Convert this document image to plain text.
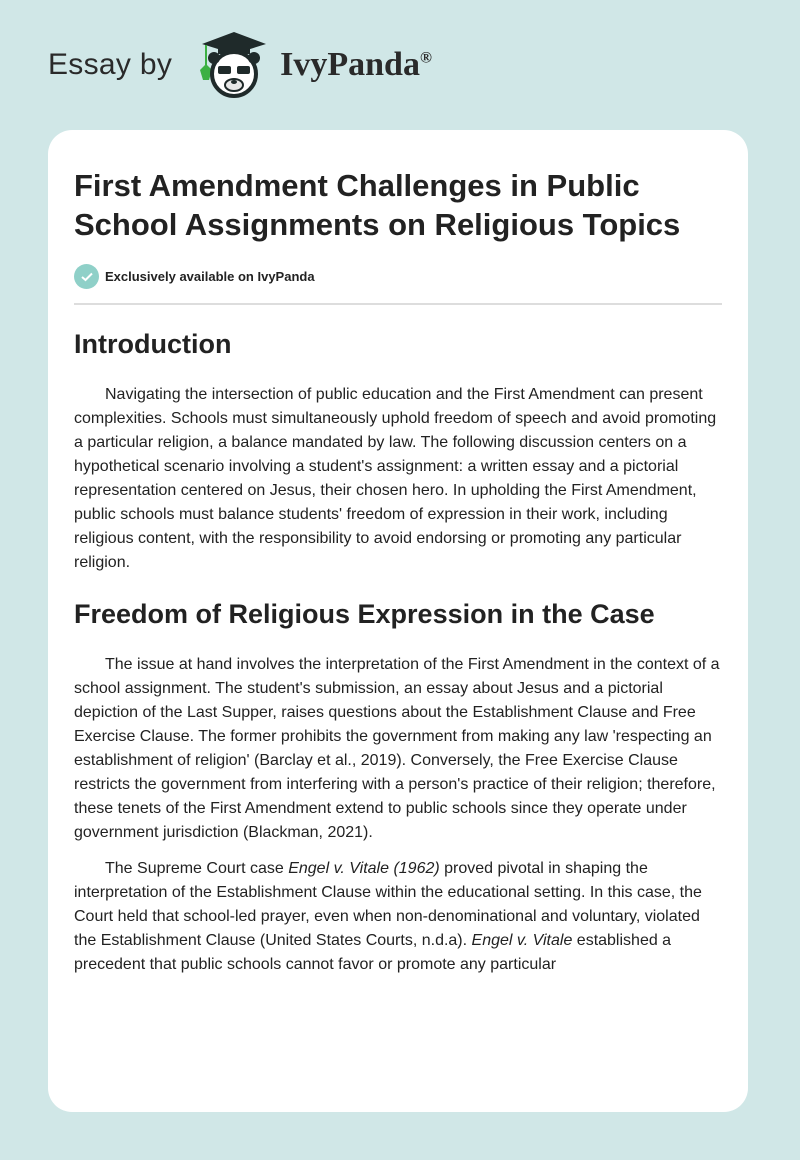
Essay by	IvyPanda®
First Amendment Challenges in Public School Assignments on Religious Topics
Exclusively available on IvyPanda
Introduction

Navigating the intersection of public education and the First Amendment can present complexities. Schools must simultaneously uphold freedom of speech and avoid promoting a particular religion, a balance mandated by law. The following discussion centers on a hypothetical scenario involving a student's assignment: a written essay and a pictorial representation centered on Jesus, their chosen hero. In upholding the First Amendment, public schools must balance students' freedom of expression in their work, including religious content, with the responsibility to avoid endorsing or promoting any particular religion.

Freedom of Religious Expression in the Case

The issue at hand involves the interpretation of the First Amendment in the context of a school assignment. The student's submission, an essay about Jesus and a pictorial depiction of the Last Supper, raises questions about the Establishment Clause and Free Exercise Clause. The former prohibits the government from making any law 'respecting an establishment of religion' (Barclay et al., 2019). Conversely, the Free Exercise Clause restricts the government from interfering with a person's practice of their religion; therefore, these tenets of the First Amendment extend to public schools since they operate under government jurisdiction (Blackman, 2021).

The Supreme Court case Engel v. Vitale (1962) proved pivotal in shaping the interpretation of the Establishment Clause within the educational setting. In this case, the Court held that school-led prayer, even when non-denominational and voluntary, violated the Establishment Clause (United States Courts, n.d.a). Engel v. Vitale established a precedent that public schools cannot favor or promote any particular
